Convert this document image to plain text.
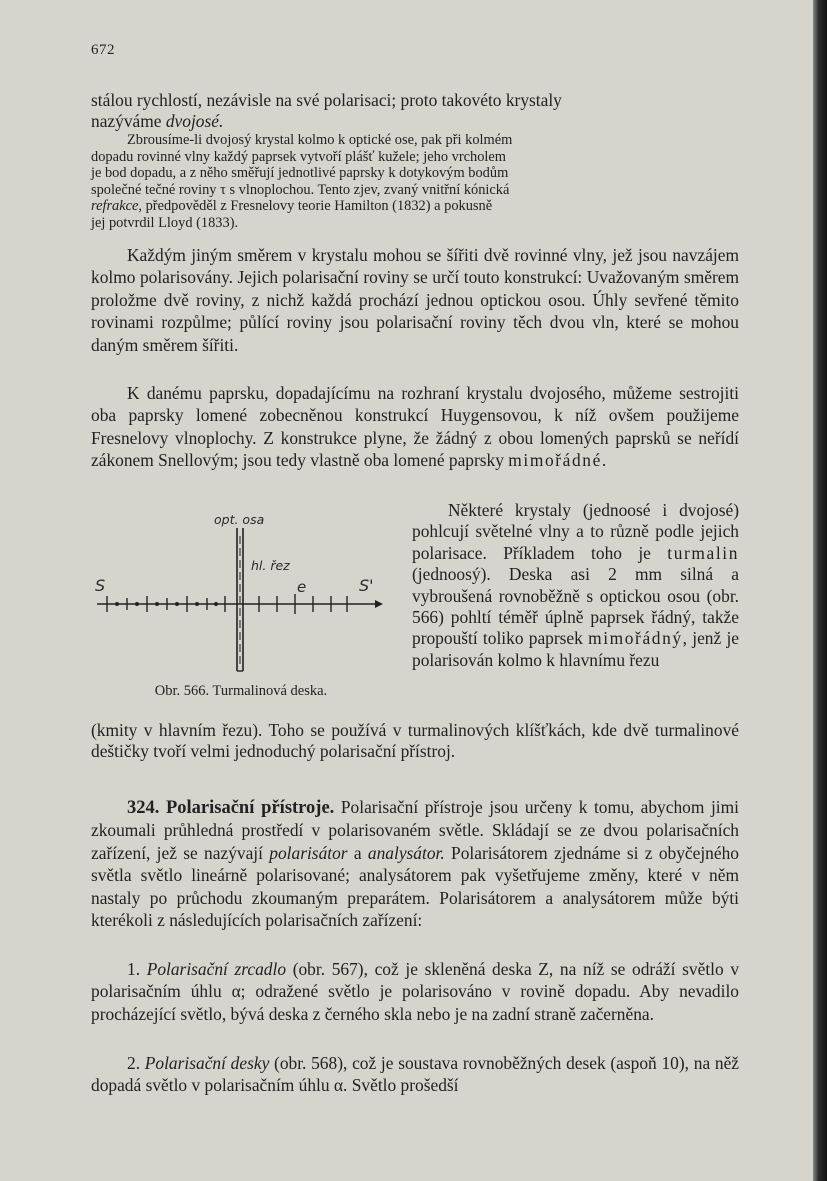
672

stálou rychlostí, nezávisle na své polarisaci; proto takovéto krystaly

nazýváme dvojosé.

Zbrousíme-li dvojosý krystal kolmo k optické ose, pak při kolmém

dopadu rovinné vlny každý paprsek vytvoří plášť kužele; jeho vrcholem

je bod dopadu, a z něho směřují jednotlivé paprsky k dotykovým bodům

společné tečné roviny τ s vlnoplochou. Tento zjev, zvaný vnitřní kónická

refrakce, předpověděl z Fresnelovy teorie Hamilton (1832) a pokusně

jej potvrdil Lloyd (1833).

Každým jiným směrem v krystalu mohou se šířiti dvě rovinné vlny, jež jsou navzájem kolmo polarisovány. Jejich polarisační roviny se určí touto konstrukcí: Uvažovaným směrem proložme dvě roviny, z nichž každá prochází jednou optickou osou. Úhly sevřené těmito rovinami rozpůlme; půlící roviny jsou polarisační roviny těch dvou vln, které se mohou daným směrem šířiti.

K danému paprsku, dopadajícímu na rozhraní krystalu dvojosého, můžeme sestrojiti oba paprsky lomené zobecněnou konstrukcí Huygensovou, k níž ovšem použijeme Fresnelovy vlnoplochy. Z konstrukce plyne, že žádný z obou lomených paprsků se neřídí zákonem Snellovým; jsou tedy vlastně oba lomené paprsky mimořádné.

opt. osa
hl. řez
S	S'
e
Obr. 566. Turmalinová deska.

Některé krystaly (jednoosé i dvojosé) pohlcují světelné vlny a to různě podle jejich polarisace. Příkladem toho je turmalin (jednoosý). Deska asi 2 mm silná a vybroušená rovnoběžně s optickou osou (obr. 566) pohltí téměř úplně paprsek řádný, takže propouští toliko paprsek mimořádný, jenž je polarisován kolmo k hlavnímu řezu

(kmity v hlavním řezu). Toho se používá v turmalinových klíšťkách, kde dvě turmalinové deštičky tvoří velmi jednoduchý polarisační přístroj.

324. Polarisační přístroje. Polarisační přístroje jsou určeny k tomu, abychom jimi zkoumali průhledná prostředí v polarisovaném světle. Skládají se ze dvou polarisačních zařízení, jež se nazývají polarisátor a analysátor. Polarisátorem zjednáme si z obyčejného světla světlo lineárně polarisované; analysátorem pak vyšetřujeme změny, které v něm nastaly po průchodu zkoumaným preparátem. Polarisátorem a analysátorem může býti kterékoli z následujících polarisačních zařízení:

1. Polarisační zrcadlo (obr. 567), což je skleněná deska Z, na níž se odráží světlo v polarisačním úhlu α; odražené světlo je polarisováno v rovině dopadu. Aby nevadilo procházející světlo, bývá deska z černého skla nebo je na zadní straně začerněna.

2. Polarisační desky (obr. 568), což je soustava rovnoběžných desek (aspoň 10), na něž dopadá světlo v polarisačním úhlu α. Světlo prošedší
